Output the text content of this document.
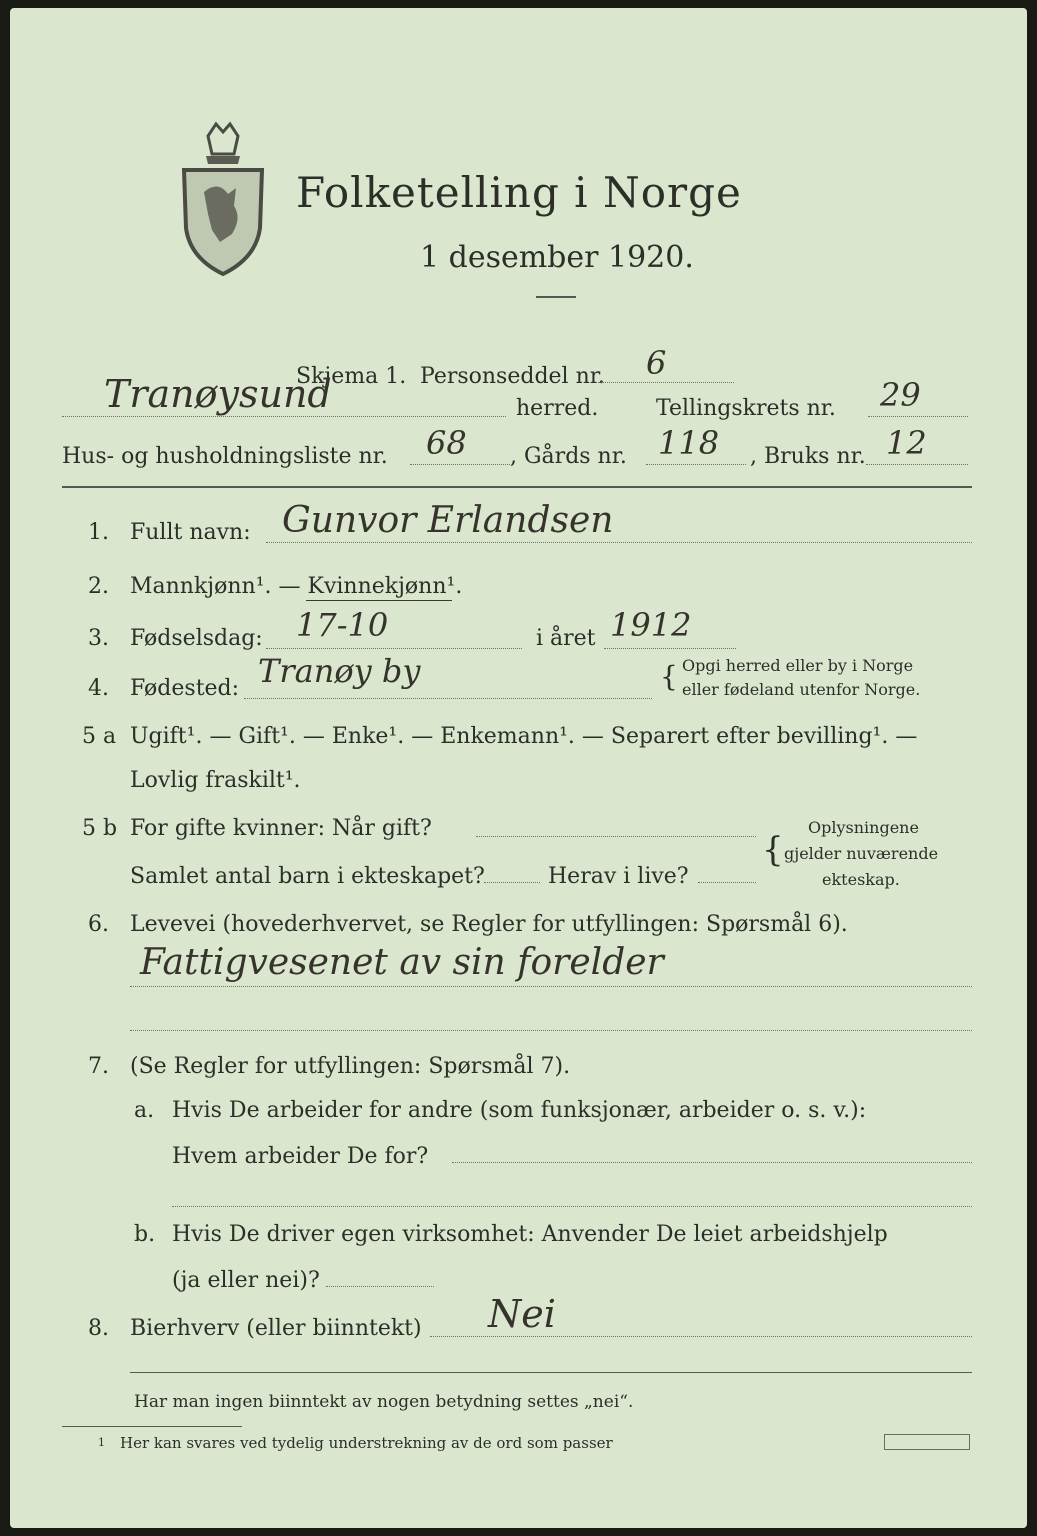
Folketelling i Norge
1 desember 1920.
Skjema 1. Personseddel nr. 6
Tranøysund	herred.	Tellingskrets nr. 29
Hus- og husholdningsliste nr. 68 , Gårds nr. 118 , Bruks nr. 12
1. Fullt navn: Gunvor Erlandsen
2. Mannkjønn¹. — Kvinnekjønn¹.
3. Fødselsdag: 17-10	i året 1912
4. Fødested: Tranøy by	{ Opgi herred eller by i Norge
eller fødeland utenfor Norge.
5 a Ugift¹. — Gift¹. — Enke¹. — Enkemann¹. — Separert efter bevilling¹. —
Lovlig fraskilt¹.
5 b For gifte kvinner: Når gift?
Samlet antal barn i ekteskapet?	Herav i live?
{
Oplysningene
gjelder nuværende
ekteskap.
6. Levevei (hovederhvervet, se Regler for utfyllingen: Spørsmål 6).
Fattigvesenet av sin forelder
7. (Se Regler for utfyllingen: Spørsmål 7).
a. Hvis De arbeider for andre (som funksjonær, arbeider o. s. v.):
Hvem arbeider De for?
b. Hvis De driver egen virksomhet: Anvender De leiet arbeidshjelp
(ja eller nei)?
8. Bierhverv (eller biinntekt) Nei
Har man ingen biinntekt av nogen betydning settes „nei“.
1 Her kan svares ved tydelig understrekning av de ord som passer
